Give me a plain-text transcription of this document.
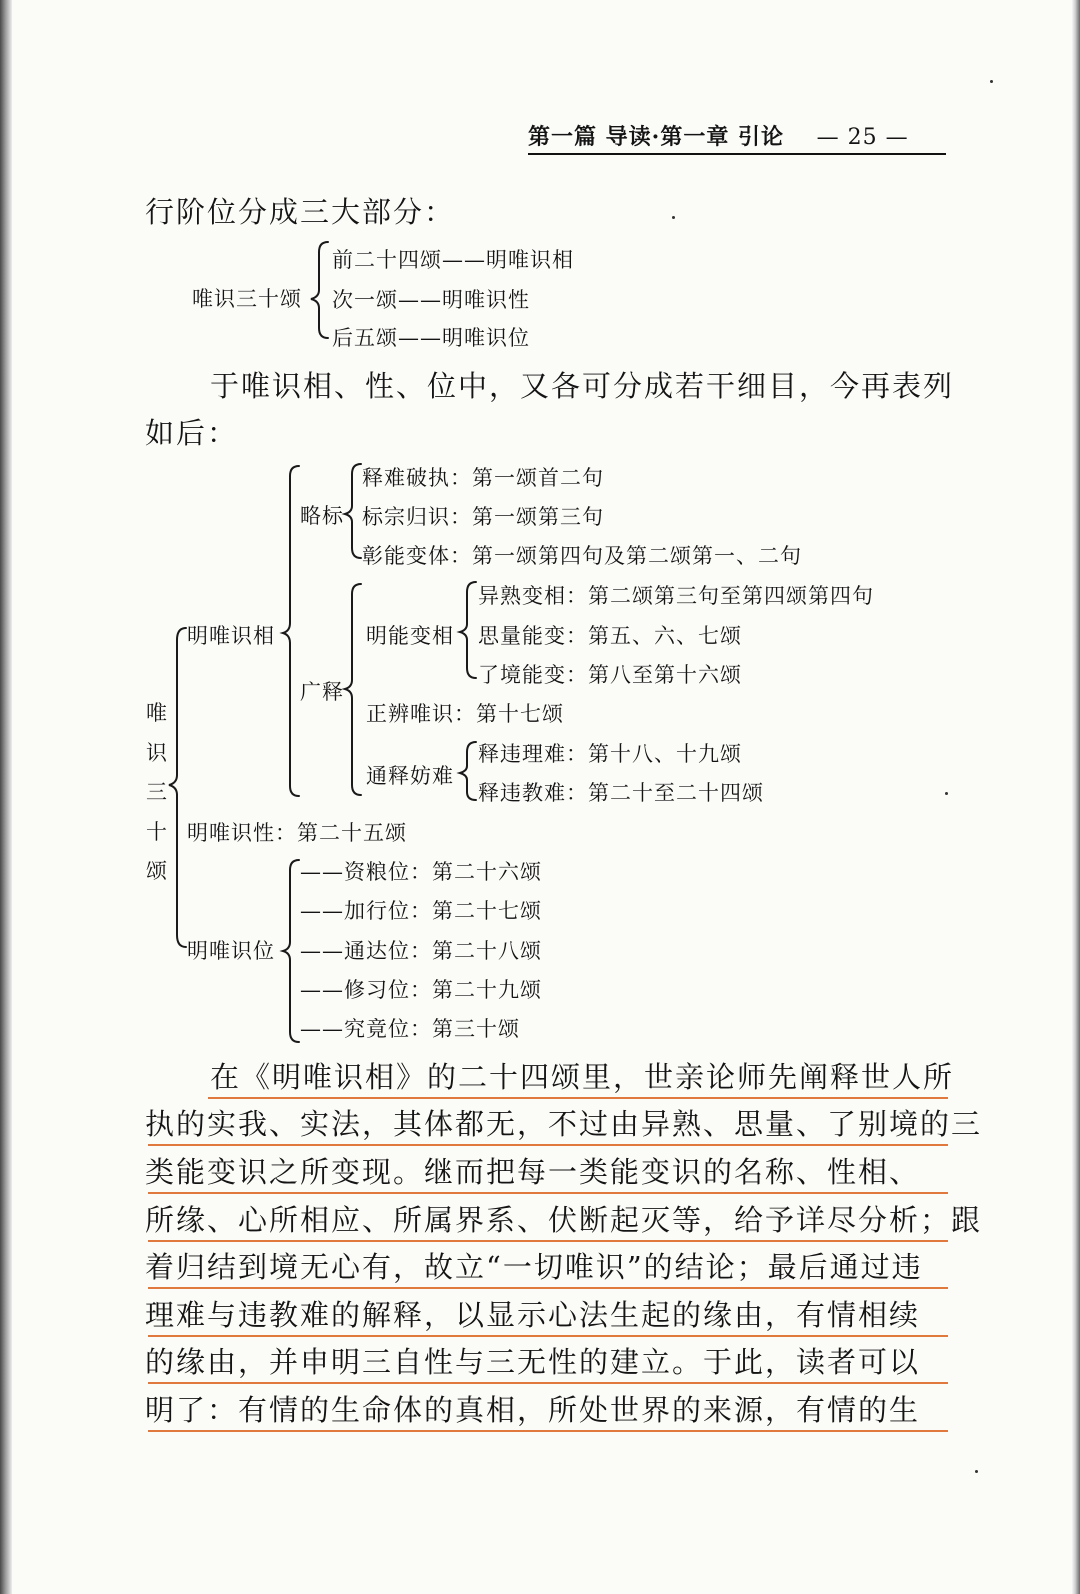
第一篇 导读·第一章 引论 — 25 —
行阶位分成三大部分：
唯识三十颂
前二十四颂——明唯识相
次一颂——明唯识性
后五颂——明唯识位
于唯识相、性、位中，又各可分成若干细目，今再表列
如后：
唯
识
三
十
颂
明唯识相
略标
释难破执：第一颂首二句
标宗归识：第一颂第三句
彰能变体：第一颂第四句及第二颂第一、二句
广释
明能变相
异熟变相：第二颂第三句至第四颂第四句
思量能变：第五、六、七颂
了境能变：第八至第十六颂
正辨唯识：第十七颂
通释妨难
释违理难：第十八、十九颂
释违教难：第二十至二十四颂
明唯识性：第二十五颂
明唯识位
——资粮位：第二十六颂
——加行位：第二十七颂
——通达位：第二十八颂
——修习位：第二十九颂
——究竟位：第三十颂
在《明唯识相》的二十四颂里，世亲论师先阐释世人所
执的实我、实法，其体都无，不过由异熟、思量、了别境的三
类能变识之所变现。继而把每一类能变识的名称、性相、
所缘、心所相应、所属界系、伏断起灭等，给予详尽分析；跟
着归结到境无心有，故立“一切唯识”的结论；最后通过违
理难与违教难的解释，以显示心法生起的缘由，有情相续
的缘由，并申明三自性与三无性的建立。于此，读者可以
明了：有情的生命体的真相，所处世界的来源，有情的生
